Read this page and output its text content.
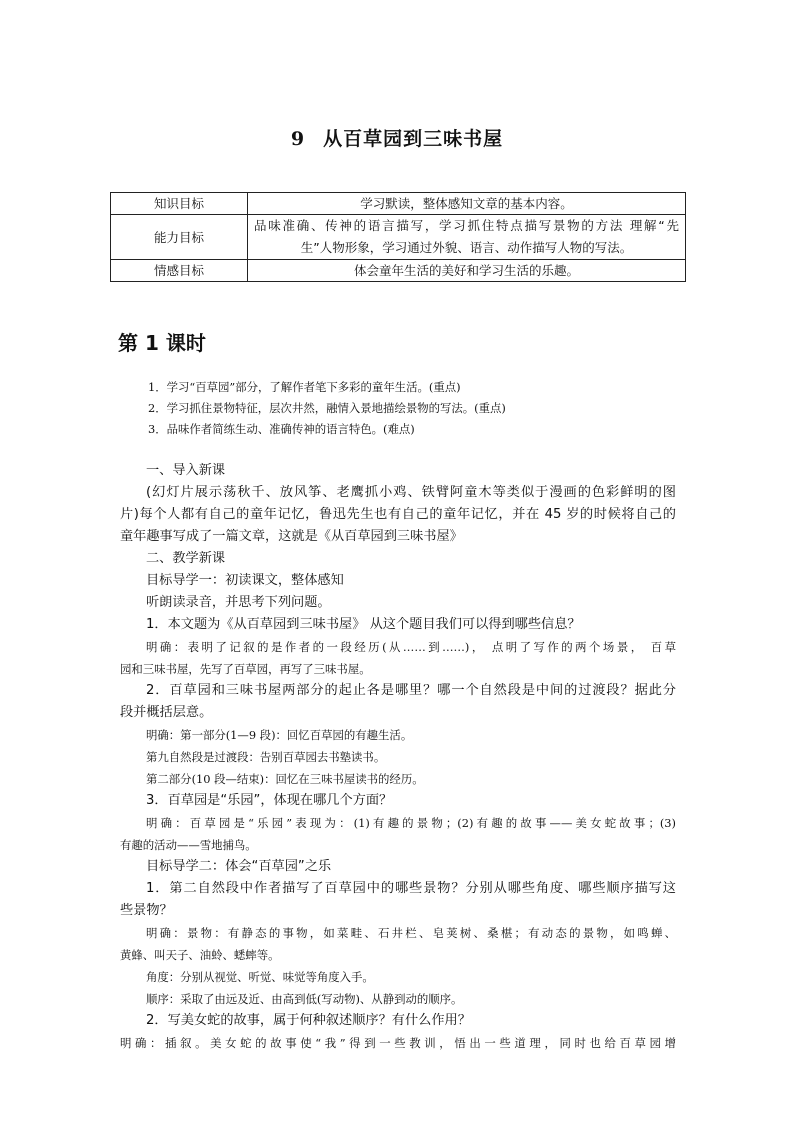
9 从百草园到三味书屋
知识目标	学习默读，整体感知文章的基本内容。
能力目标	品味准确、传神的语言描写，学习抓住特点描写景物的方法 理解“先
生”人物形象，学习通过外貌、语言、动作描写人物的写法。

情感目标	体会童年生活的美好和学习生活的乐趣。
第 1 课时
1．学习“百草园”部分，了解作者笔下多彩的童年生活。(重点)
2．学习抓住景物特征，层次井然，融情入景地描绘景物的写法。(重点)
3．品味作者简练生动、准确传神的语言特色。(难点)
一、导入新课
(幻灯片展示荡秋千、放风筝、老鹰抓小鸡、铁臂阿童木等类似于漫画的色彩鲜明的图
片)每个人都有自己的童年记忆，鲁迅先生也有自己的童年记忆，并在 45 岁的时候将自己的
童年趣事写成了一篇文章，这就是《从百草园到三味书屋》
二、教学新课
目标导学一：初读课文，整体感知
听朗读录音，并思考下列问题。
1．本文题为《从百草园到三味书屋》 从这个题目我们可以得到哪些信息？
明确：表明了记叙的是作者的一段经历(从……到……)， 点明了写作的两个场景， 百草
园和三味书屋，先写了百草园，再写了三味书屋。
2．百草园和三味书屋两部分的起止各是哪里？哪一个自然段是中间的过渡段？据此分
段并概括层意。
明确：第一部分(1—9 段)：回忆百草园的有趣生活。
第九自然段是过渡段：告别百草园去书塾读书。
第二部分(10 段—结束)：回忆在三味书屋读书的经历。
3．百草园是“乐园”，体现在哪几个方面？
明确：百草园是“乐园”表现为：(1)有趣的景物；(2)有趣的故事——美女蛇故事；(3)
有趣的活动——雪地捕鸟。
目标导学二：体会“百草园”之乐
1．第二自然段中作者描写了百草园中的哪些景物？分别从哪些角度、哪些顺序描写这
些景物？
明确：景物：有静态的事物，如菜畦、石井栏、皂荚树、桑椹；有动态的景物，如鸣蝉、
黄蜂、叫天子、油蛉、蟋蟀等。
角度：分别从视觉、听觉、味觉等角度入手。
顺序：采取了由远及近、由高到低(写动物)、从静到动的顺序。
2．写美女蛇的故事，属于何种叙述顺序？有什么作用？
明确：插叙。美女蛇的故事使“我”得到一些教训，悟出一些道理，同时也给百草园增
